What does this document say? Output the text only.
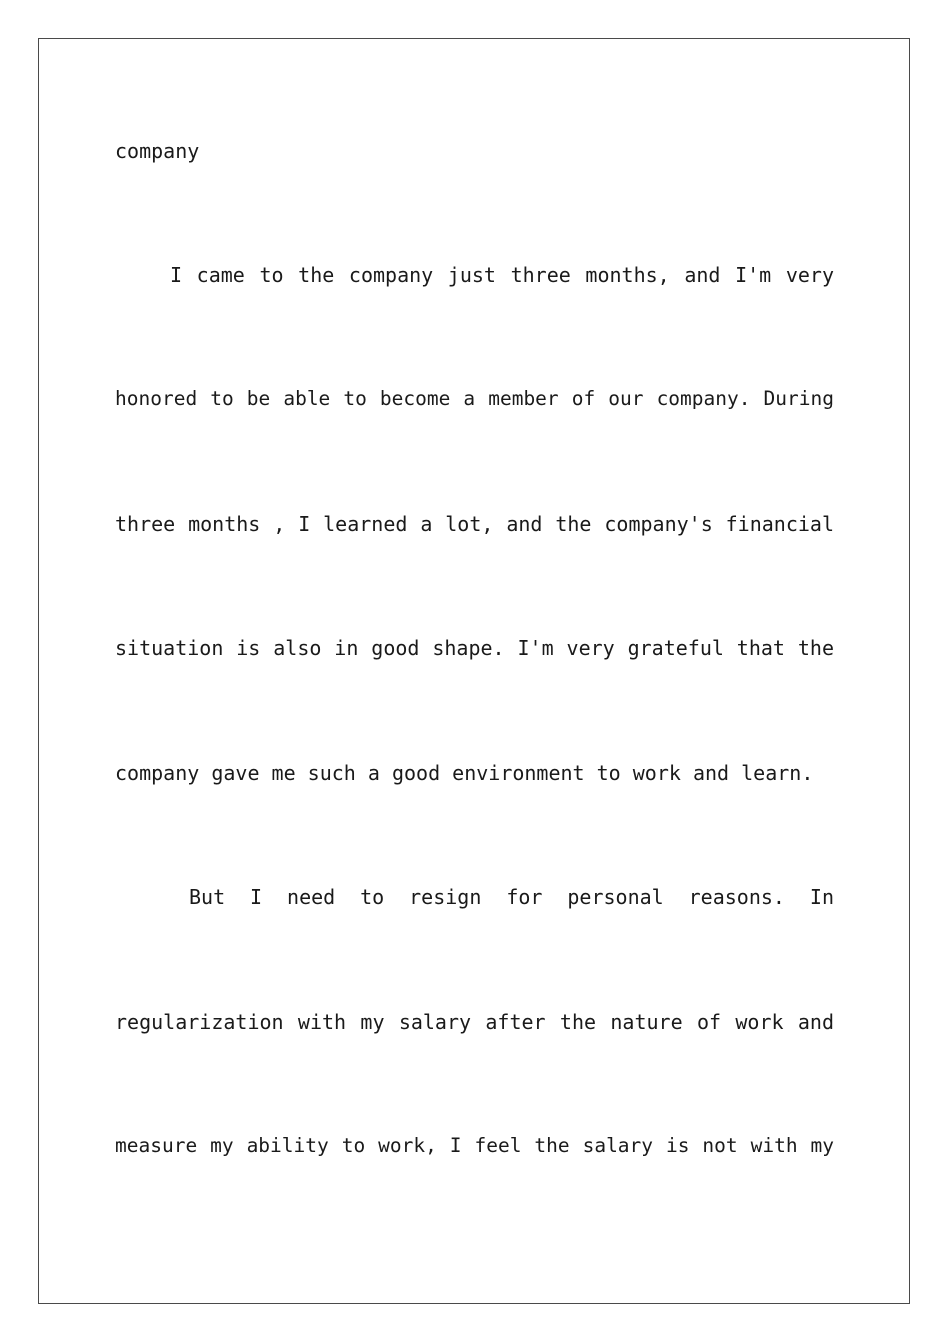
company
I came to the company just three months, and I'm very
honored to be able to become a member of our company. During
three months , I learned a lot, and the company's financial
situation is also in good shape. I'm very grateful that the
company gave me such a good environment to work and learn.
But I need to resign for personal reasons. In
regularization with my salary after the nature of work and
measure my ability to work, I feel the salary is not with my
